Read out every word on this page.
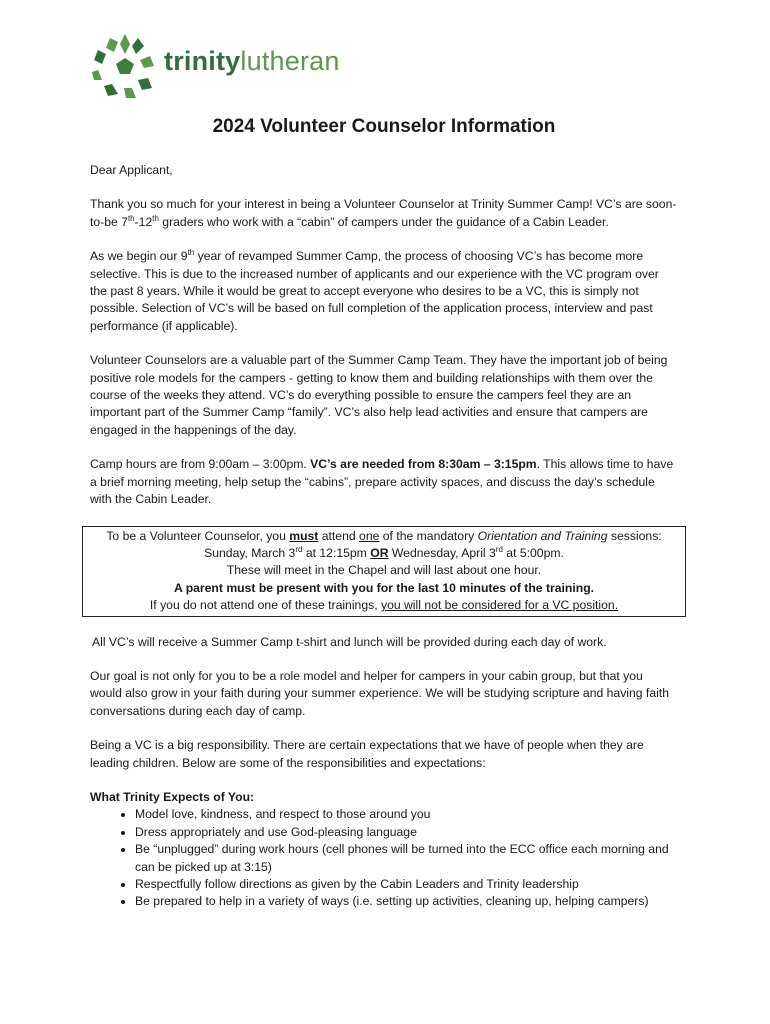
trinitylutheran
2024 Volunteer Counselor Information

Dear Applicant,

Thank you so much for your interest in being a Volunteer Counselor at Trinity Summer Camp! VC’s are soon-to-be 7th-12th graders who work with a “cabin” of campers under the guidance of a Cabin Leader.

As we begin our 9th year of revamped Summer Camp, the process of choosing VC’s has become more selective. This is due to the increased number of applicants and our experience with the VC program over the past 8 years. While it would be great to accept everyone who desires to be a VC, this is simply not possible. Selection of VC’s will be based on full completion of the application process, interview and past performance (if applicable).

Volunteer Counselors are a valuable part of the Summer Camp Team. They have the important job of being positive role models for the campers - getting to know them and building relationships with them over the course of the weeks they attend. VC’s do everything possible to ensure the campers feel they are an important part of the Summer Camp “family”. VC’s also help lead activities and ensure that campers are engaged in the happenings of the day.

Camp hours are from 9:00am – 3:00pm. VC’s are needed from 8:30am – 3:15pm. This allows time to have a brief morning meeting, help setup the “cabins”, prepare activity spaces, and discuss the day’s schedule with the Cabin Leader.

To be a Volunteer Counselor, you must attend one of the mandatory Orientation and Training sessions:
Sunday, March 3rd at 12:15pm OR Wednesday, April 3rd at 5:00pm.
These will meet in the Chapel and will last about one hour.
A parent must be present with you for the last 10 minutes of the training.
If you do not attend one of these trainings, you will not be considered for a VC position.

All VC’s will receive a Summer Camp t-shirt and lunch will be provided during each day of work.

Our goal is not only for you to be a role model and helper for campers in your cabin group, but that you would also grow in your faith during your summer experience. We will be studying scripture and having faith conversations during each day of camp.

Being a VC is a big responsibility. There are certain expectations that we have of people when they are leading children. Below are some of the responsibilities and expectations:

What Trinity Expects of You:
• Model love, kindness, and respect to those around you
• Dress appropriately and use God-pleasing language
• Be “unplugged” during work hours (cell phones will be turned into the ECC office each morning and can be picked up at 3:15)
• Respectfully follow directions as given by the Cabin Leaders and Trinity leadership
• Be prepared to help in a variety of ways (i.e. setting up activities, cleaning up, helping campers)
